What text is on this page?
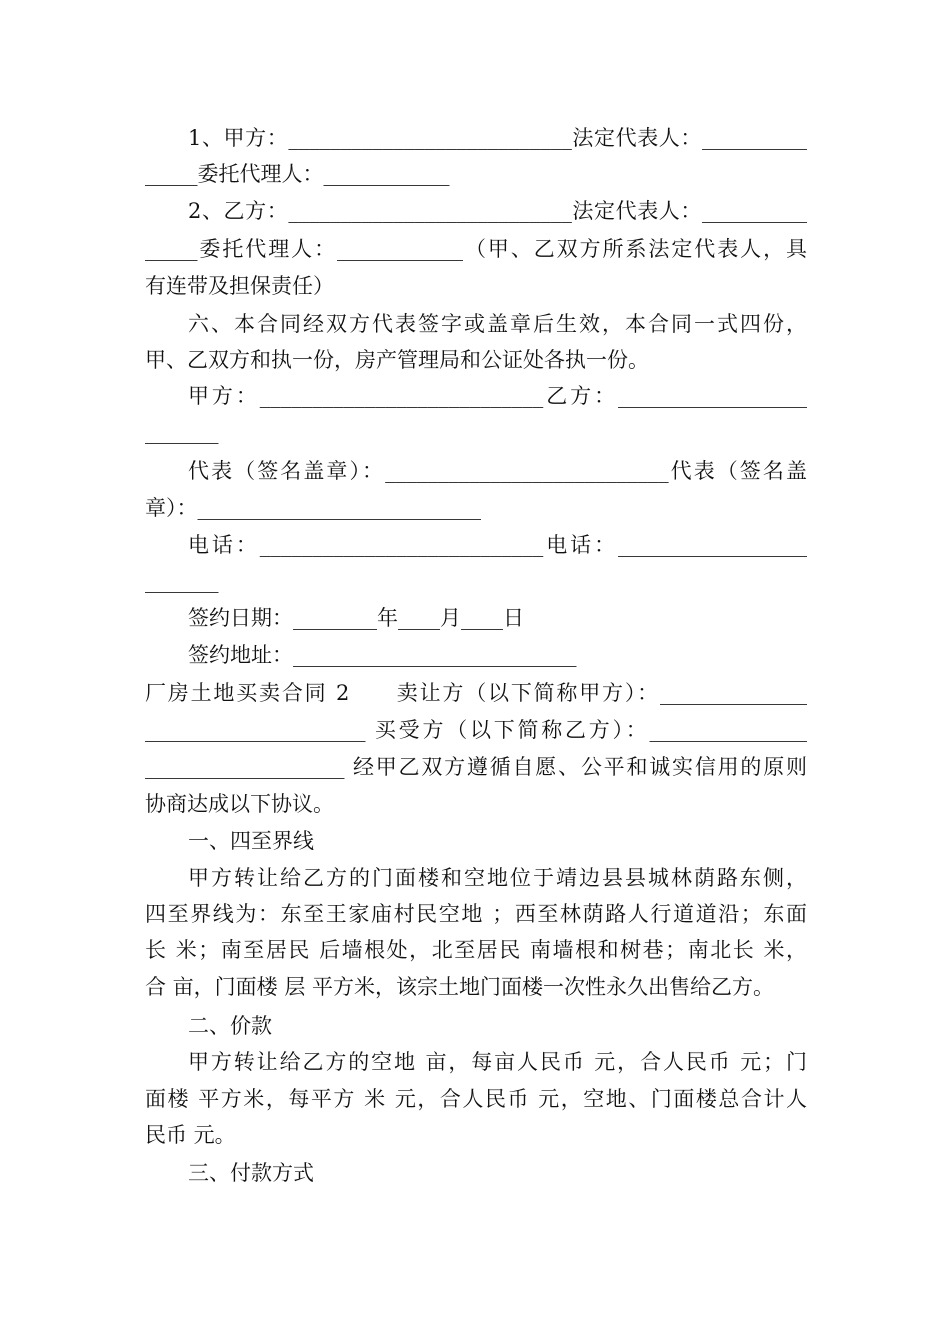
1、甲方：___________________________法定代表人：__________
_____委托代理人：____________
2、乙方：___________________________法定代表人：__________
_____委托代理人：____________（甲、乙双方所系法定代表人，具
有连带及担保责任）
六、本合同经双方代表签字或盖章后生效，本合同一式四份，
甲、乙双方和执一份，房产管理局和公证处各执一份。
甲方：___________________________乙方：__________________
_______
代表（签名盖章）：___________________________代表（签名盖
章）：___________________________
电话：___________________________电话：__________________
_______
签约日期：________年____月____日
签约地址：___________________________
厂房土地买卖合同 2　　卖让方（以下简称甲方）：______________
_____________________ 买受方（以下简称乙方）：_______________
___________________ 经甲乙双方遵循自愿、公平和诚实信用的原则
协商达成以下协议。
一、四至界线
甲方转让给乙方的门面楼和空地位于靖边县县城林荫路东侧，
四至界线为：东至王家庙村民空地 ；西至林荫路人行道道沿；东面
长 米；南至居民 后墙根处，北至居民 南墙根和树巷；南北长 米，
合 亩，门面楼 层 平方米，该宗土地门面楼一次性永久出售给乙方。
二、价款
甲方转让给乙方的空地 亩，每亩人民币 元，合人民币 元；门
面楼 平方米，每平方 米 元，合人民币 元，空地、门面楼总合计人
民币 元。
三、付款方式
